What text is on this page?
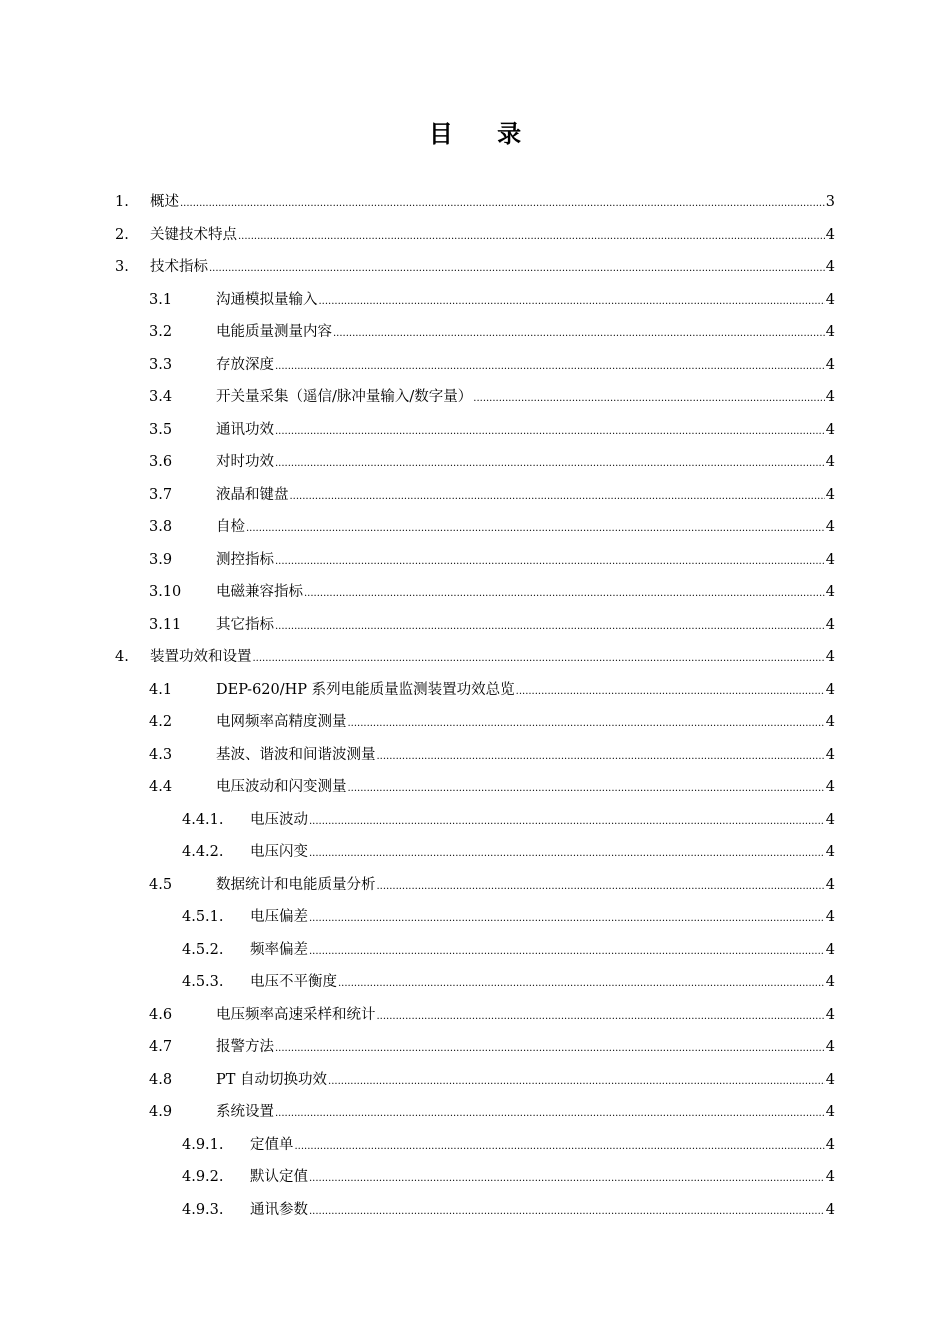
目 录
1. 概述 .....	3
2. 关键技术特点 .....	4
3. 技术指标 .....	4
3.1	沟通模拟量输入 .....	4
3.2	电能质量测量内容 .....	4
3.3	存放深度 .....	4
3.4	开关量采集（遥信/脉冲量输入/数字量） .....	4
3.5	通讯功效 .....	4
3.6	对时功效 .....	4
3.7	液晶和键盘 .....	4
3.8	自检 .....	4
3.9	测控指标 .....	4
3.10 电磁兼容指标 .....	4
3.11 其它指标 .....	4
4. 装置功效和设置 .....	4
4.1	DEP-620/HP 系列电能质量监测装置功效总览 .....	4
4.2	电网频率高精度测量 .....	4
4.3	基波、谐波和间谐波测量 .....	4
4.4	电压波动和闪变测量 .....	4
4.4.1. 电压波动 .....	4
4.4.2. 电压闪变 .....	4
4.5	数据统计和电能质量分析 .....	4
4.5.1. 电压偏差 .....	4
4.5.2. 频率偏差 .....	4
4.5.3. 电压不平衡度 .....	4
4.6	电压频率高速采样和统计 .....	4
4.7	报警方法 .....	4
4.8	PT 自动切换功效 .....	4
4.9	系统设置 .....	4
4.9.1. 定值单 .....	4
4.9.2. 默认定值 .....	4
4.9.3. 通讯参数 .....	4
